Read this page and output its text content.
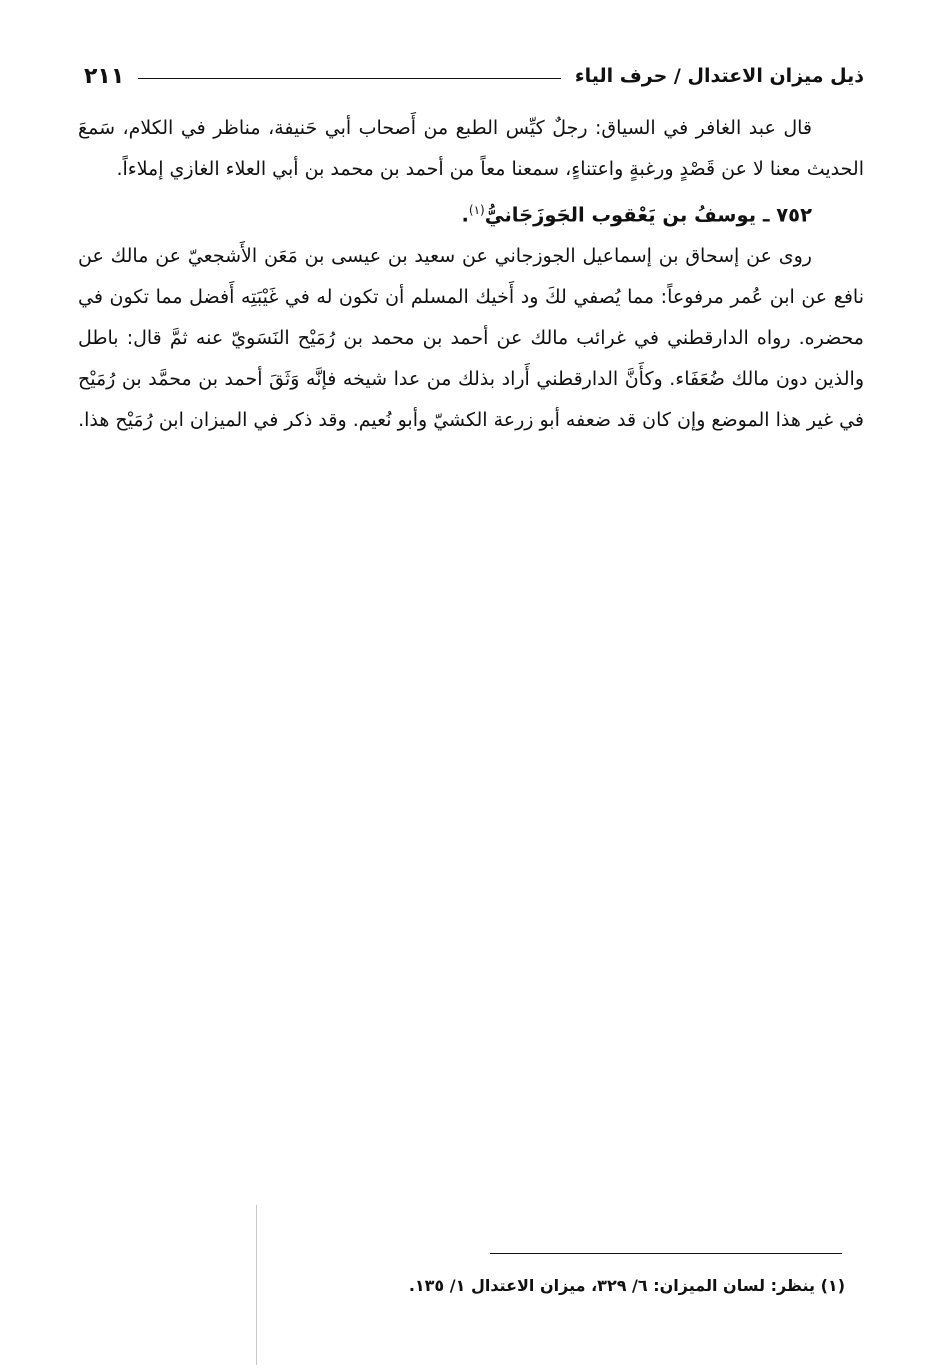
ذيل ميزان الاعتدال / حرف الياء
٢١١

قال عبد الغافر في السياق: رجلٌ كيِّس الطبع من أَصحاب أبي حَنيفة، مناظر في الكلام، سَمعَ الحديث معنا لا عن قَصْدٍ ورغبةٍ واعتناءٍ، سمعنا معاً من أحمد بن محمد بن أبي العلاء الغازي إملاءاً.

٧٥٢ ـ يوسفُ بن يَعْقوب الجَوزَجَانيُّ$^{(١)}$.

روى عن إسحاق بن إسماعيل الجوزجاني عن سعيد بن عيسى بن مَعَن الأَشجعيّ عن مالك عن نافع عن ابن عُمر مرفوعاً: مما يُصفي لكَ ود أَخيك المسلم أن تكون له في غَيْبَتِه أَفضل مما تكون في محضره. رواه الدارقطني في غرائب مالك عن أحمد بن محمد بن رُمَيْح النَسَويّ عنه ثمَّ قال: باطل والذين دون مالك ضُعَفَاء. وكأَنَّ الدارقطني أَراد بذلك من عدا شيخه فإنَّه وَثَقَ أحمد بن محمَّد بن رُمَيْح في غير هذا الموضع وإن كان قد ضعفه أبو زرعة الكشيّ وأبو نُعيم. وقد ذكر في الميزان ابن رُمَيْح هذا.

(١) ينظر: لسان الميزان: ٦/ ٣٢٩، ميزان الاعتدال ١/ ١٣٥.
